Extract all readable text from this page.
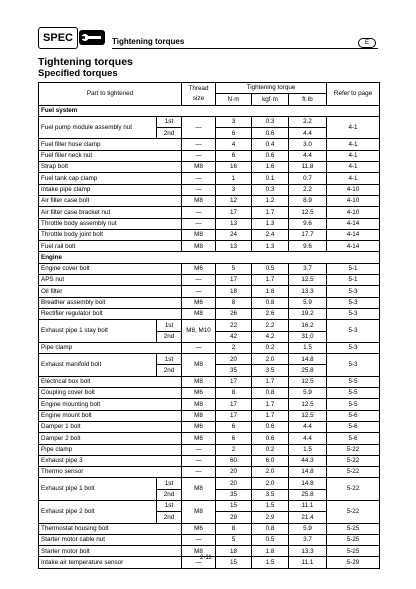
SPEC	Tightening torques	E
Tightening torques
Specified torques
Part to tightened		Thread size	Tightening torque			Refer to page
			N·m	kgf·m	ft·lb	
Fuel system						
Fuel pump module assembly nut	1st	—	3	0.3	2.2	4-1
	2nd		6	0.6	4.4	
Fuel filler hose clamp		—	4	0.4	3.0	4-1
Fuel filler neck nut		—	6	0.6	4.4	4-1
Strap bolt		M8	16	1.6	11.8	4-1
Fuel tank cap clamp		—	1	0.1	0.7	4-1
Intake pipe clamp		—	3	0.3	2.2	4-10
Air filter case bolt		M8	12	1.2	8.9	4-10
Air filter case bracket nut		—	17	1.7	12.5	4-10
Throttle body assembly nut		—	13	1.3	9.6	4-14
Throttle body joint bolt		M8	24	2.4	17.7	4-14
Fuel rail bolt		M8	13	1.3	9.6	4-14
Engine						
Engine cover bolt		M6	5	0.5	3.7	5-1
APS nut		—	17	1.7	12.5	5-1
Oil filter		—	18	1.8	13.3	5-3
Breather assembly bolt		M6	8	0.8	5.9	5-3
Rectifier regulator bolt		M8	26	2.6	19.2	5-3
Exhaust pipe 1 stay bolt	1st	M8, M10	22	2.2	16.2	5-3
	2nd		42	4.2	31.0	
Pipe clamp		—	2	0.2	1.5	5-3
Exhaust manifold bolt	1st	M8	20	2.0	14.8	5-3
	2nd		35	3.5	25.8	
Electrical box bolt		M8	17	1.7	12.5	5-5
Coupling cover bolt		M6	8	0.8	5.9	5-5
Engine mounting bolt		M8	17	1.7	12.5	5-5
Engine mount bolt		M8	17	1.7	12.5	5-6
Damper 1 bolt		M6	6	0.6	4.4	5-6
Damper 2 bolt		M6	6	0.6	4.4	5-6
Pipe clamp		—	2	0.2	1.5	5-22
Exhaust pipe 3		—	60	6.0	44.3	5-22
Thermo sensor		—	20	2.0	14.8	5-22
Exhaust pipe 1 bolt	1st	M8	20	2.0	14.8	5-22
	2nd		35	3.5	25.8	
Exhaust pipe 2 bolt	1st	M8	15	1.5	11.1	5-22
	2nd		29	2.9	21.4	
Thermostat housing bolt		M6	8	0.8	5.9	5-25
Starter motor cable nut		—	5	0.5	3.7	5-25
Starter motor bolt		M8	18	1.8	13.3	5-25
Intake air temperature sensor		—	15	1.5	11.1	5-29
2-11
